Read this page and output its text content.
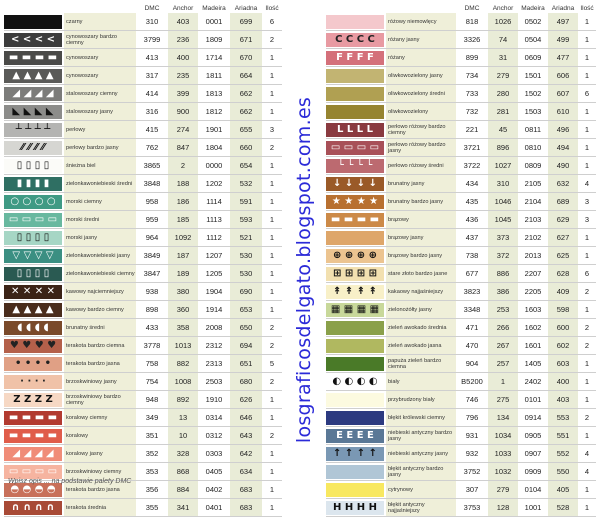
		DMC	Anchor	Madeira	Ariadna	Ilość

	czarny	310	403	0001	699	6

< < < <	cynowoszary bardzo ciemny	3799	236	1809	671	2

▬ ▬ ▬ ▬	cynowoszary	413	400	1714	670	1

▲ ▲ ▲ ▲	cynowoszary	317	235	1811	664	1

◢ ◢ ◢ ◢	stalowoszary ciemny	414	399	1813	662	1

◣ ◣ ◣ ◣	stalowoszary jasny	316	900	1812	662	1

┴ ┴ ┴ ┴	perłowy	415	274	1901	655	3

⁄⁄ ⁄⁄ ⁄⁄ ⁄⁄	perłowy bardzo jasny	762	847	1804	660	2

▯ ▯ ▯ ▯	śnieżna biel	3865	2	0000	654	1

▮ ▮ ▮ ▮	zielonkawoniebieski średni	3848	188	1202	532	1

○ ○ ○ ○	morski ciemny	958	186	1114	591	1

▭ ▭ ▭ ▭	morski średni	959	185	1113	593	1

▯ ▯ ▯ ▯	morski jasny	964	1092	1112	521	1

▽ ▽ ▽ ▽	zielonkawoniebieski jasny	3849	187	1207	530	1

▯ ▯ ▯ ▯	zielonkawoniebieski ciemny	3847	189	1205	530	1

✕ ✕ ✕ ✕	kawowy najciemniejszy	938	380	1904	690	1

▲ ▲ ▲ ▲	kawowy bardzo ciemny	898	360	1914	653	1

◖ ◖ ◖ ◖	brunatny średni	433	358	2008	650	2

♥ ♥ ♥ ♥	terakota bardzo ciemna	3778	1013	2312	694	2

• • • •	terakota bardzo jasna	758	882	2313	651	5

· · · ·	brzoskwiniowy jasny	754	1008	2503	680	2

Z Z Z Z	brzoskwiniowy bardzo ciemny	948	892	1910	626	1

▬ ▬ ▬ ▬	koralowy ciemny	349	13	0314	646	1

▬ ▬ ▬ ▬	koralowy	351	10	0312	643	2

◢ ◢ ◢ ◢	koralowy jasny	352	328	0303	642	1

▭ ▭ ▭ ▭	brzoskwiniowy ciemny	353	868	0405	634	1

◓ ◓ ◓ ◓	terakota bardzo jasna	356	884	0402	683	1

∩ ∩ ∩ ∩	terakota średnia	355	341	0401	683	1
losgraficosdelgato.blogspot.com.es
		DMC	Anchor	Madeira	Ariadna	Ilość

	różowy niemowlęcy	818	1026	0502	497	1

C C C C	różany jasny	3326	74	0504	499	1

F F F F	różany	899	31	0609	477	1

	oliwkowozielony jasny	734	279	1501	606	1

	oliwkowozielony średni	733	280	1502	607	6

	oliwkowozielony	732	281	1503	610	1

L L L L	perłowo różowy bardzo ciemny	221	45	0811	496	1

▭ ▭ ▭ ▭	perłowo różowy bardzo jasny	3721	896	0810	494	1

└ └ └ └	perłowo różowy średni	3722	1027	0809	490	1

↓ ↓ ↓ ↓	brunatny jasny	434	310	2105	632	4

★ ★ ★ ★	brunatny bardzo jasny	435	1046	2104	689	3

▬ ▬ ▬ ▬	brązowy	436	1045	2103	629	3

	brązowy jasny	437	373	2102	627	1

⊕ ⊕ ⊕ ⊕	brązowy bardzo jasny	738	372	2013	625	1

⊞ ⊞ ⊞ ⊞	stare złoto bardzo jasne	677	886	2207	628	6

↟ ↟ ↟ ↟	kakaowy najjaśniejszy	3823	386	2205	409	2

▦ ▦ ▦ ▦	zielonożółty jasny	3348	253	1603	598	1

	zieleń awokado średnia	471	266	1602	600	2

	zieleń awokado jasna	470	267	1601	602	2

	papuża zieleń bardzo ciemna	904	257	1405	603	1

◐ ◐ ◐ ◐	biały	B5200	1	2402	400	1

	przybrudzony biały	746	275	0101	403	1

	błękit królewski ciemny	796	134	0914	553	2

E E E E	niebieski antyczny bardzo jasny	931	1034	0905	551	1

↑ ↑ ↑ ↑	niebieski antyczny jasny	932	1033	0907	552	4

	błękit antyczny bardzo jasny	3752	1032	0909	550	4

	cytrynowy	307	279	0104	405	1

H H H H	błękit antyczny najjaśniejszy	3753	128	1001	528	1
Wpisz opis ... na podstawie palety DMC
